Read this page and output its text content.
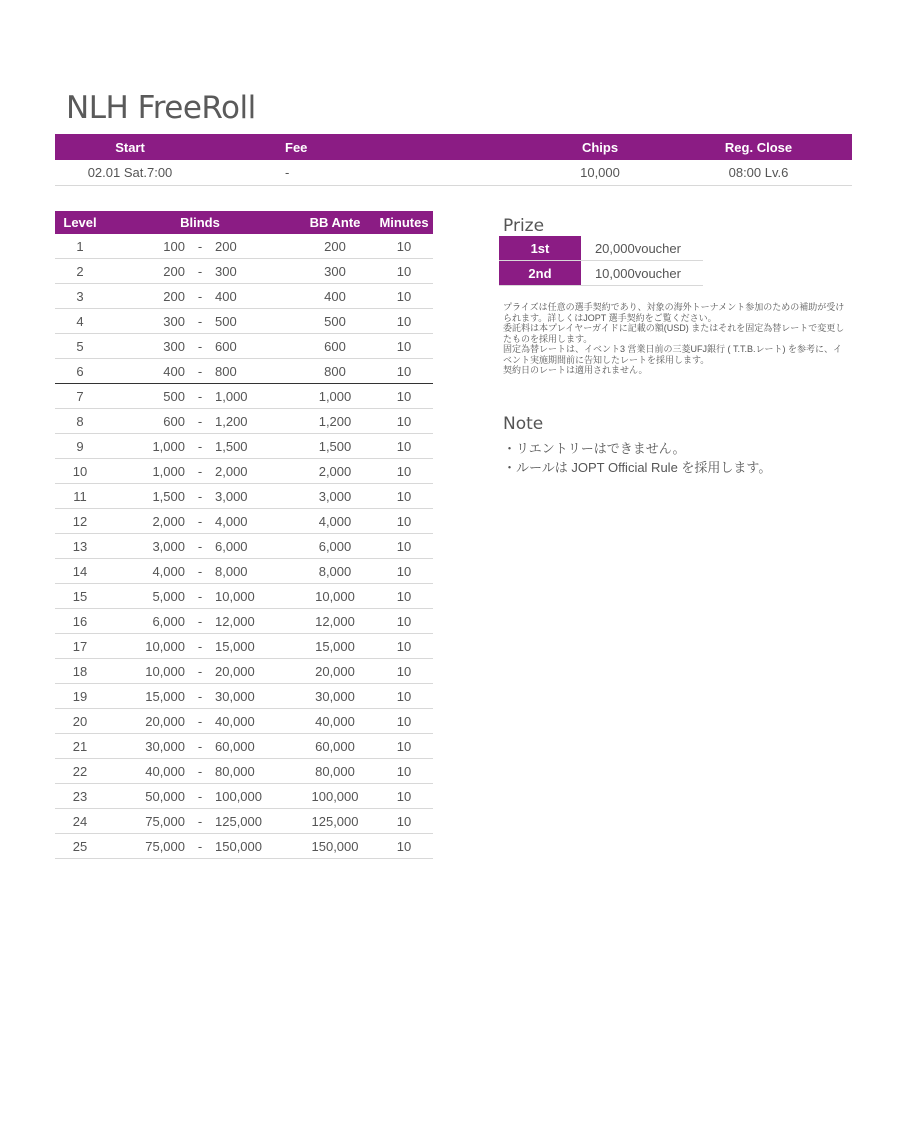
NLH FreeRoll
Start	Fee	Chips	Reg. Close
02.01 Sat.7:00	-	10,000	08:00 Lv.6
Level	Blinds	BB Ante	Minutes
1	100 - 200	200	10
2	200 - 300	300	10
3	200 - 400	400	10
4	300 - 500	500	10
5	300 - 600	600	10
6	400 - 800	800	10
7	500 - 1,000	1,000	10
8	600 - 1,200	1,200	10
9	1,000 - 1,500	1,500	10
10	1,000 - 2,000	2,000	10
11	1,500 - 3,000	3,000	10
12	2,000 - 4,000	4,000	10
13	3,000 - 6,000	6,000	10
14	4,000 - 8,000	8,000	10
15	5,000 - 10,000	10,000	10
16	6,000 - 12,000	12,000	10
17	10,000 - 15,000	15,000	10
18	10,000 - 20,000	20,000	10
19	15,000 - 30,000	30,000	10
20	20,000 - 40,000	40,000	10
21	30,000 - 60,000	60,000	10
22	40,000 - 80,000	80,000	10
23	50,000 - 100,000	100,000	10
24	75,000 - 125,000	125,000	10
25	75,000 - 150,000	150,000	10
Prize
1st	20,000voucher
2nd	10,000voucher

プライズは任意の選手契約であり、対象の海外トーナメント参加のための補助が受けられます。詳しくはJOPT 選手契約をご覧ください。

委託料は本プレイヤーガイドに記載の額(USD) またはそれを固定為替レートで変更したものを採用します。

固定為替レートは、イベント3 営業日前の三菱UFJ銀行 ( T.T.B.レート) を参考に、イベント実施期間前に告知したレートを採用します。

契約日のレートは適用されません。

Note

・リエントリーはできません。

・ルールは JOPT Official Rule を採用します。
